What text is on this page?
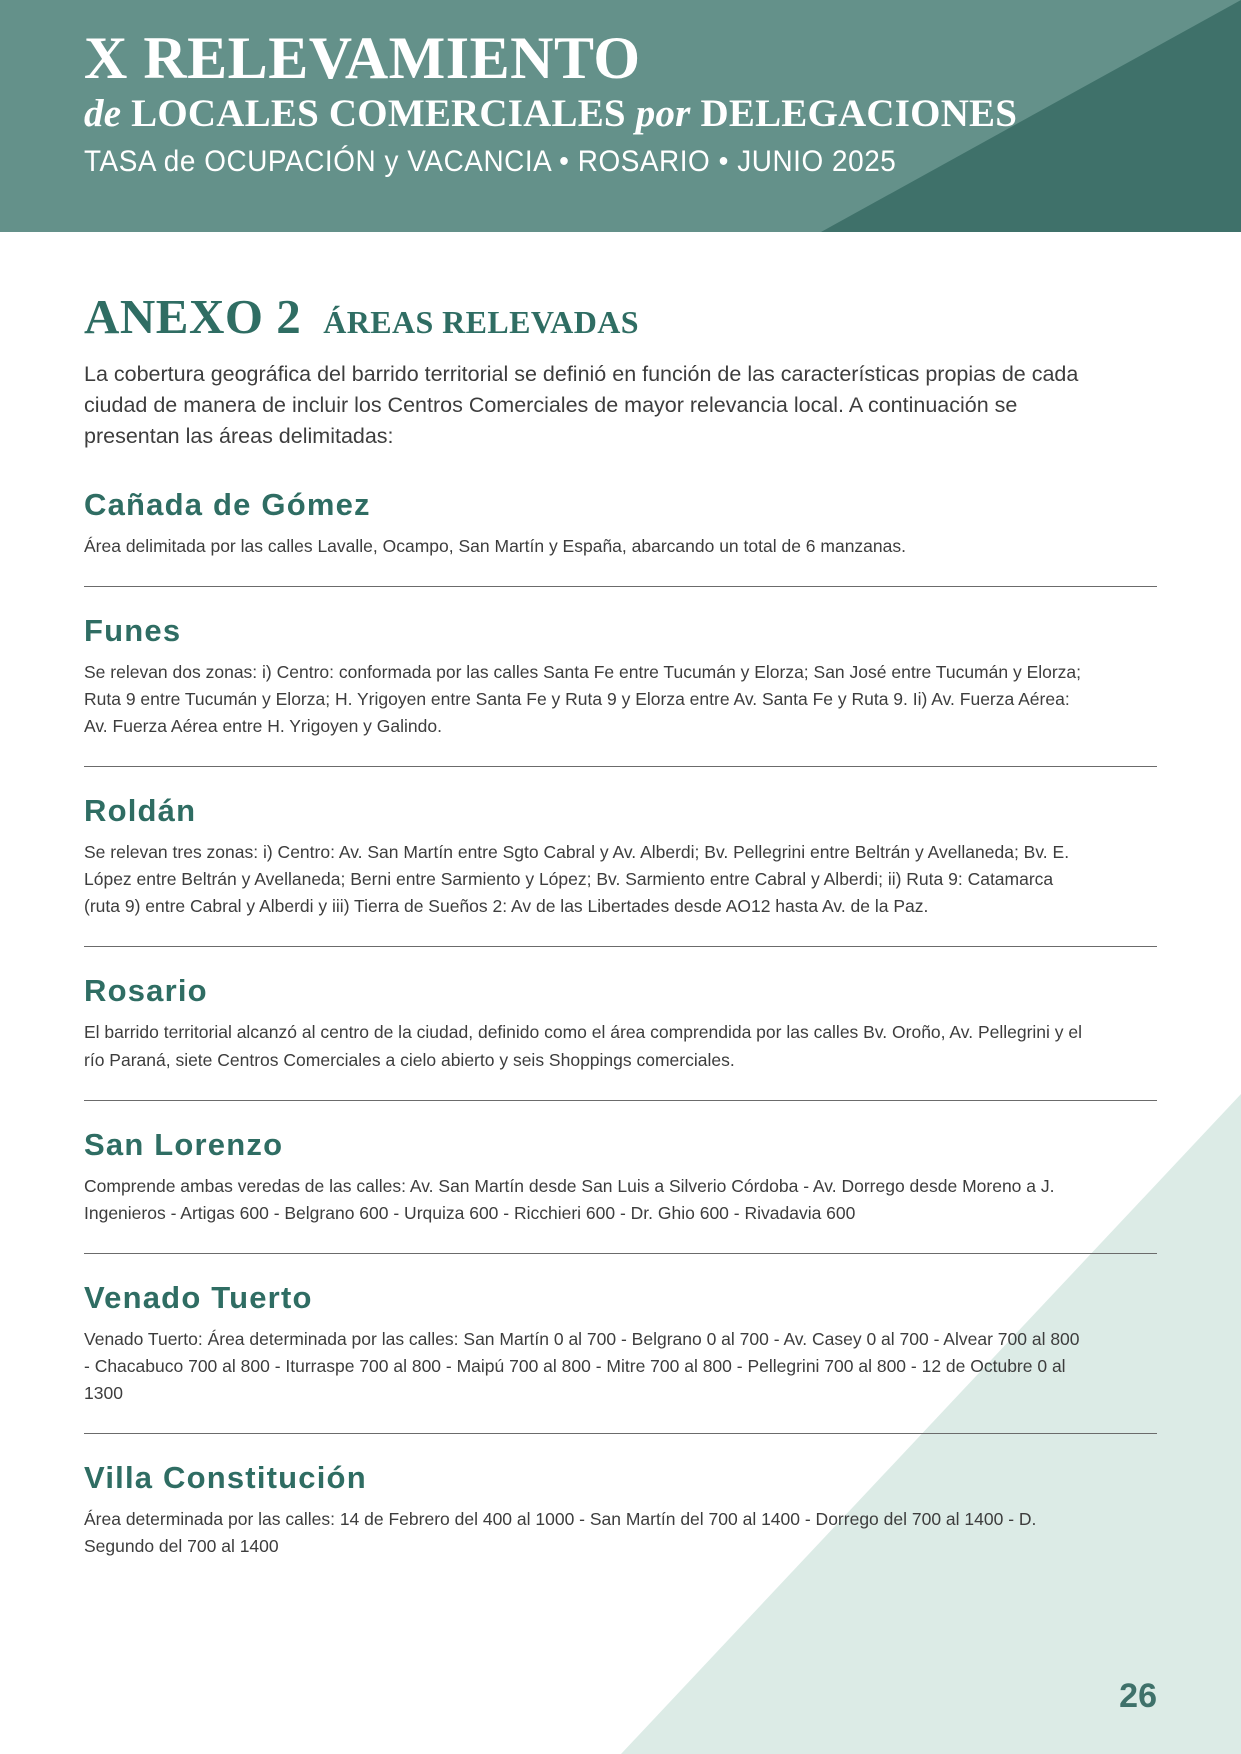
X RELEVAMIENTO
de LOCALES COMERCIALES por DELEGACIONES
TASA de OCUPACIÓN y VACANCIA • ROSARIO • JUNIO 2025
ANEXO 2 ÁREAS RELEVADAS

La cobertura geográfica del barrido territorial se definió en función de las características propias de cada ciudad de manera de incluir los Centros Comerciales de mayor relevancia local. A continuación se presentan las áreas delimitadas:

Cañada de Gómez

Área delimitada por las calles Lavalle, Ocampo, San Martín y España, abarcando un total de 6 manzanas.

Funes

Se relevan dos zonas: i) Centro: conformada por las calles Santa Fe entre Tucumán y Elorza; San José entre Tucumán y Elorza; Ruta 9 entre Tucumán y Elorza; H. Yrigoyen entre Santa Fe y Ruta 9 y Elorza entre Av. Santa Fe y Ruta 9. Ii) Av. Fuerza Aérea: Av. Fuerza Aérea entre H. Yrigoyen y Galindo.

Roldán

Se relevan tres zonas: i) Centro: Av. San Martín entre Sgto Cabral y Av. Alberdi; Bv. Pellegrini entre Beltrán y Avellaneda; Bv. E. López entre Beltrán y Avellaneda; Berni entre Sarmiento y López; Bv. Sarmiento entre Cabral y Alberdi; ii) Ruta 9: Catamarca (ruta 9) entre Cabral y Alberdi y iii) Tierra de Sueños 2: Av de las Libertades desde AO12 hasta Av. de la Paz.

Rosario

El barrido territorial alcanzó al centro de la ciudad, definido como el área comprendida por las calles Bv. Oroño, Av. Pellegrini y el río Paraná, siete Centros Comerciales a cielo abierto y seis Shoppings comerciales.

San Lorenzo

Comprende ambas veredas de las calles: Av. San Martín desde San Luis a Silverio Córdoba - Av. Dorrego desde Moreno a J. Ingenieros - Artigas 600 - Belgrano 600 - Urquiza 600 - Ricchieri 600 - Dr. Ghio 600 - Rivadavia 600

Venado Tuerto

Venado Tuerto: Área determinada por las calles: San Martín 0 al 700 - Belgrano 0 al 700 - Av. Casey 0 al 700 - Alvear 700 al 800 - Chacabuco 700 al 800 - Iturraspe 700 al 800 - Maipú 700 al 800 - Mitre 700 al 800 - Pellegrini 700 al 800 - 12 de Octubre 0 al 1300

Villa Constitución

Área determinada por las calles: 14 de Febrero del 400 al 1000 - San Martín del 700 al 1400 - Dorrego del 700 al 1400 - D. Segundo del 700 al 1400

26
